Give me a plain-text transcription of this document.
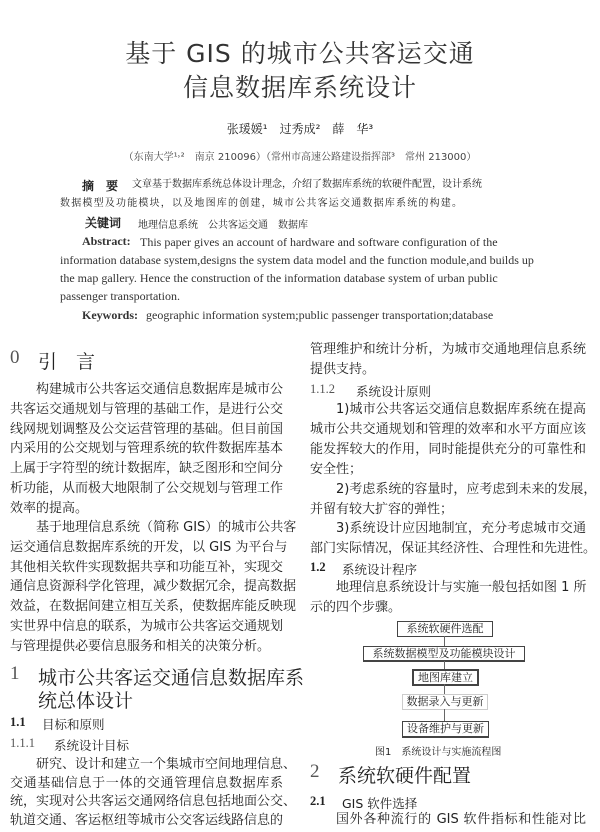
基于 GIS 的城市公共客运交通
信息数据库系统设计
张瑗媛¹　过秀成²　薛　华³
（东南大学¹˒²　南京 210096）（常州市高速公路建设指挥部³　常州 213000）
摘　要 文章基于数据库系统总体设计理念，介绍了数据库系统的软硬件配置，设计系统
数据模型及功能模块，以及地图库的创建，城市公共客运交通数据库系统的构建。
关键词 地理信息系统　公共客运交通　数据库
Abstract: This paper gives an account of hardware and software configuration of the
information database system,designs the system data model and the function module,and builds up
the map gallery. Hence the construction of the information database system of urban public
passenger transportation.
Keywords: geographic information system;public passenger transportation;database
0 引　言
构建城市公共客运交通信息数据库是城市公
共客运交通规划与管理的基础工作，是进行公交
线网规划调整及公交运营管理的基础。但目前国
内采用的公交规划与管理系统的软件数据库基本
上属于字符型的统计数据库，缺乏图形和空间分
析功能，从而极大地限制了公交规划与管理工作
效率的提高。
基于地理信息系统（简称 GIS）的城市公共客
运交通信息数据库系统的开发，以 GIS 为平台与
其他相关软件实现数据共享和功能互补，实现交
通信息资源科学化管理，减少数据冗余，提高数据
效益，在数据间建立相互关系，使数据库能反映现
实世界中信息的联系，为城市公共客运交通规划
与管理提供必要信息服务和相关的决策分析。
1 城市公共客运交通信息数据库系
统总体设计
1.1 目标和原则
1.1.1 系统设计目标
研究、设计和建立一个集城市空间地理信息、
交通基础信息于一体的交通管理信息数据库系
统，实现对公共客运交通网络信息包括地面公交、
轨道交通、客运枢纽等城市公交客运线路信息的
管理维护和统计分析，为城市交通地理信息系统
提供支持。
1.1.2 系统设计原则
1)城市公共客运交通信息数据库系统在提高
城市公共交通规划和管理的效率和水平方面应该
能发挥较大的作用，同时能提供充分的可靠性和
安全性；
2)考虑系统的容量时，应考虑到未来的发展，
并留有较大扩容的弹性；
3)系统设计应因地制宜，充分考虑城市交通
部门实际情况，保证其经济性、合理性和先进性。
1.2 系统设计程序
地理信息系统设计与实施一般包括如图 1 所
示的四个步骤。
2 系统软硬件配置
2.1 GIS 软件选择
国外各种流行的 GIS 软件指标和性能对比
系统软硬件选配
系统数据模型及功能模块设计
地图库建立
数据录入与更新
设备维护与更新
图1　系统设计与实施流程图
